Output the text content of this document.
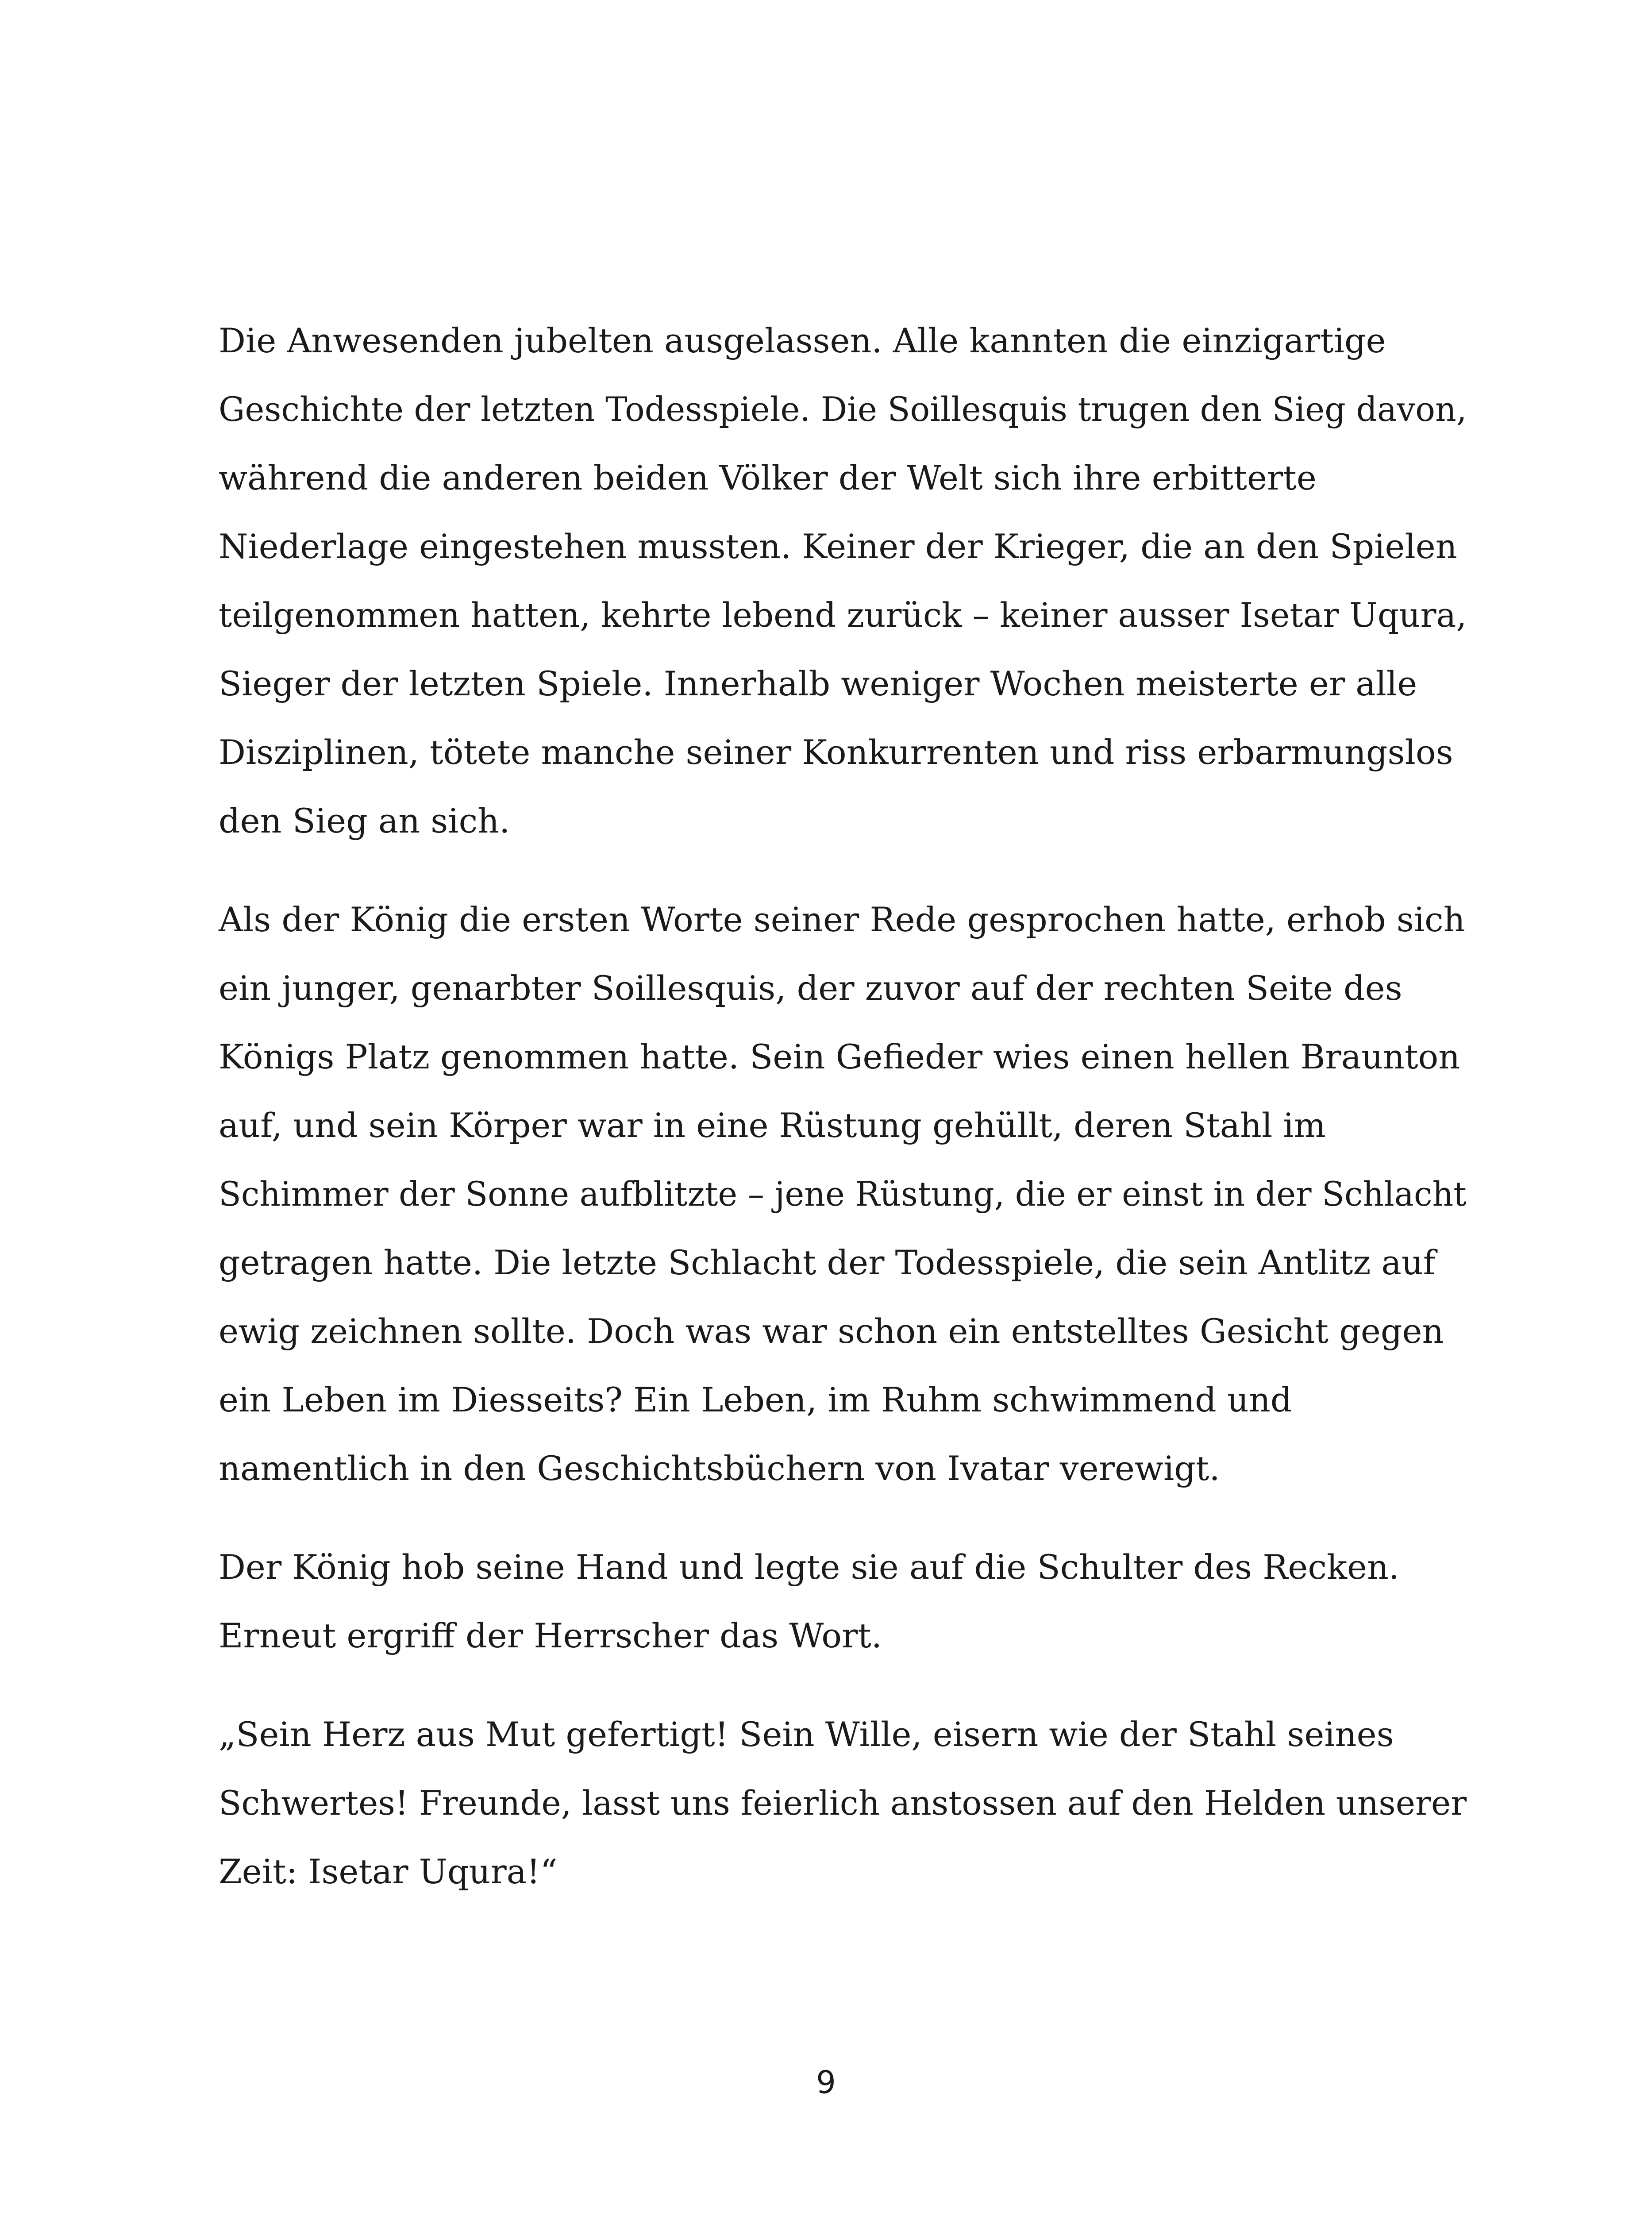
Die Anwesenden jubelten ausgelassen. Alle kannten die einzigartige
Geschichte der letzten Todesspiele. Die Soillesquis trugen den Sieg davon,
während die anderen beiden Völker der Welt sich ihre erbitterte
Niederlage eingestehen mussten. Keiner der Krieger, die an den Spielen
teilgenommen hatten, kehrte lebend zurück – keiner ausser Isetar Uqura,
Sieger der letzten Spiele. Innerhalb weniger Wochen meisterte er alle
Disziplinen, tötete manche seiner Konkurrenten und riss erbarmungslos
den Sieg an sich.
Als der König die ersten Worte seiner Rede gesprochen hatte, erhob sich
ein junger, genarbter Soillesquis, der zuvor auf der rechten Seite des
Königs Platz genommen hatte. Sein Gefieder wies einen hellen Braunton
auf, und sein Körper war in eine Rüstung gehüllt, deren Stahl im
Schimmer der Sonne aufblitzte – jene Rüstung, die er einst in der Schlacht
getragen hatte. Die letzte Schlacht der Todesspiele, die sein Antlitz auf
ewig zeichnen sollte. Doch was war schon ein entstelltes Gesicht gegen
ein Leben im Diesseits? Ein Leben, im Ruhm schwimmend und
namentlich in den Geschichtsbüchern von Ivatar verewigt.
Der König hob seine Hand und legte sie auf die Schulter des Recken.
Erneut ergriff der Herrscher das Wort.
„Sein Herz aus Mut gefertigt! Sein Wille, eisern wie der Stahl seines
Schwertes! Freunde, lasst uns feierlich anstossen auf den Helden unserer
Zeit: Isetar Uqura!“
9
